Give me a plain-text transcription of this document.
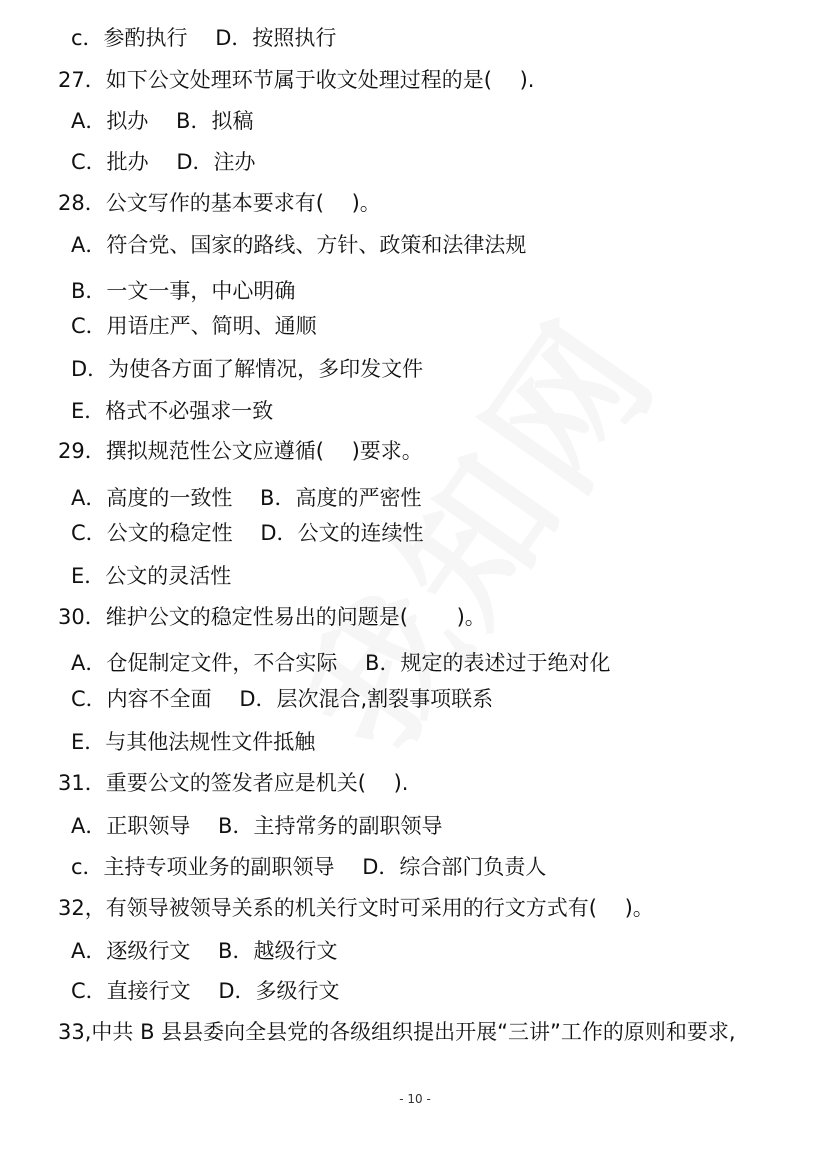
c．参酌执行　 D．按照执行
27．如下公文处理环节属于收文处理过程的是(　 ).
A．拟办　 B．拟稿
C．批办　 D．注办
28．公文写作的基本要求有(　 )。
A．符合党、国家的路线、方针、政策和法律法规
B．一文一事，中心明确
C．用语庄严、简明、通顺
D．为使各方面了解情况，多印发文件
E．格式不必强求一致
29．撰拟规范性公文应遵循(　 )要求。
A．高度的一致性　 B．高度的严密性
C．公文的稳定性　 D．公文的连续性
E．公文的灵活性
30．维护公文的稳定性易出的问题是(　　 )。
A．仓促制定文件，不合实际　 B．规定的表述过于绝对化
C．内容不全面　 D．层次混合,割裂事项联系
E．与其他法规性文件抵触
31．重要公文的签发者应是机关(　 ).
A．正职领导　 B．主持常务的副职领导
c．主持专项业务的副职领导　 D．综合部门负责人
32，有领导被领导关系的机关行文时可采用的行文方式有(　 )。
A．逐级行文　 B．越级行文
C．直接行文　 D．多级行文
33,中共 B 县县委向全县党的各级组织提出开展“三讲”工作的原则和要求,
- 10 -
